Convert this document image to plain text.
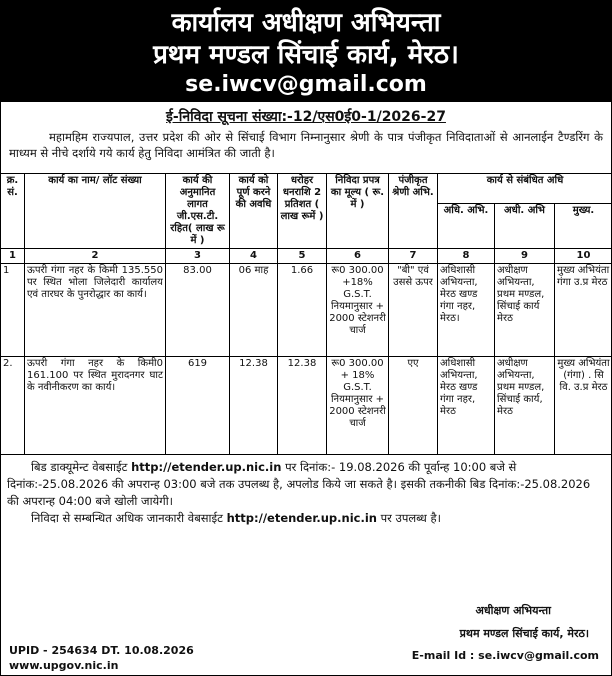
कार्यालय अधीक्षण अभियन्ता
प्रथम मण्डल सिंचाई कार्य, मेरठ।
se.iwcv@gmail.com
ई-निविदा सूचना संख्या:-12/एस0ई0-1/2026-27
महामहिम राज्यपाल, उत्तर प्रदेश की ओर से सिंचाई विभाग निम्नानुसार श्रेणी के पात्र पंजीकृत निविदाताओं से आनलाईन टैण्डरिंग के माध्यम से नीचे दर्शाये गये कार्य हेतु निविदा आमंत्रित की जाती है।
क्र. सं.	कार्य का नाम/ लॉट संख्या	कार्य की अनुमानित लागत जी.एस.टी. रहित( लाख रू में )	कार्य को पूर्ण करने की अवधि	धरोहर धनराशि 2 प्रतिशत ( लाख रूमें )	निविदा प्रपत्र का मूल्य ( रू. में )	पंजीकृत श्रेणी अभि.	कार्य से संबंधित अधि		
							अधि. अभि.	अधी. अभि	मुख्य.
1	2	3	4	5	6	7	8	9	10
1	ऊपरी गंगा नहर के किमी 135.550 पर स्थित भोला जिलेदारी कार्यालय एवं तारघर के पुनरोद्धार का कार्य।	83.00	06 माह	1.66	रू0 300.00 +18% G.S.T. नियमानुसार + 2000 स्टेशनरी चार्ज	"बी" एवं उससे ऊपर	अधिशासी अभियन्ता, मेरठ खण्ड गंगा नहर, मेरठ।	अधीक्षण अभियन्ता, प्रथम मण्डल, सिंचाई कार्य मेरठ	मुख्य अभियंता गंगा उ.प्र मेरठ
2.	ऊपरी गंगा नहर के किमी0 161.100 पर स्थित मुरादनगर घाट के नवीनीकरण का कार्य।	619	12.38	12.38	रू0 300.00 + 18% G.S.T. नियमानुसार + 2000 स्टेशनरी चार्ज	एए	अधिशासी अभियन्ता, मेरठ खण्ड गंगा नहर, मेरठ	अधीक्षण अभियन्ता, प्रथम मण्डल, सिंचाई कार्य, मेरठ	मुख्य अभियंता (गंगा) . सि वि. उ.प्र मेरठ

बिड डाक्यूमेन्ट वेबसाईट http://etender.up.nic.in पर दिनांक:- 19.08.2026 की पूर्वान्ह 10:00 बजे से दिनांक:-25.08.2026 की अपरान्ह 03:00 बजे तक उपलब्ध है, अपलोड किये जा सकते है। इसकी तकनीकी बिड दिनांक:-25.08.2026 की अपरान्ह 04:00 बजे खोली जायेगी।

निविदा से सम्बन्धित अधिक जानकारी वेबसाईट http://etender.up.nic.in पर उपलब्ध है।

अधीक्षण अभियन्ता
प्रथम मण्डल सिंचाई कार्य, मेरठ।
UPID - 254634 DT. 10.08.2026
www.upgov.nic.in
E-mail Id : se.iwcv@gmail.com
